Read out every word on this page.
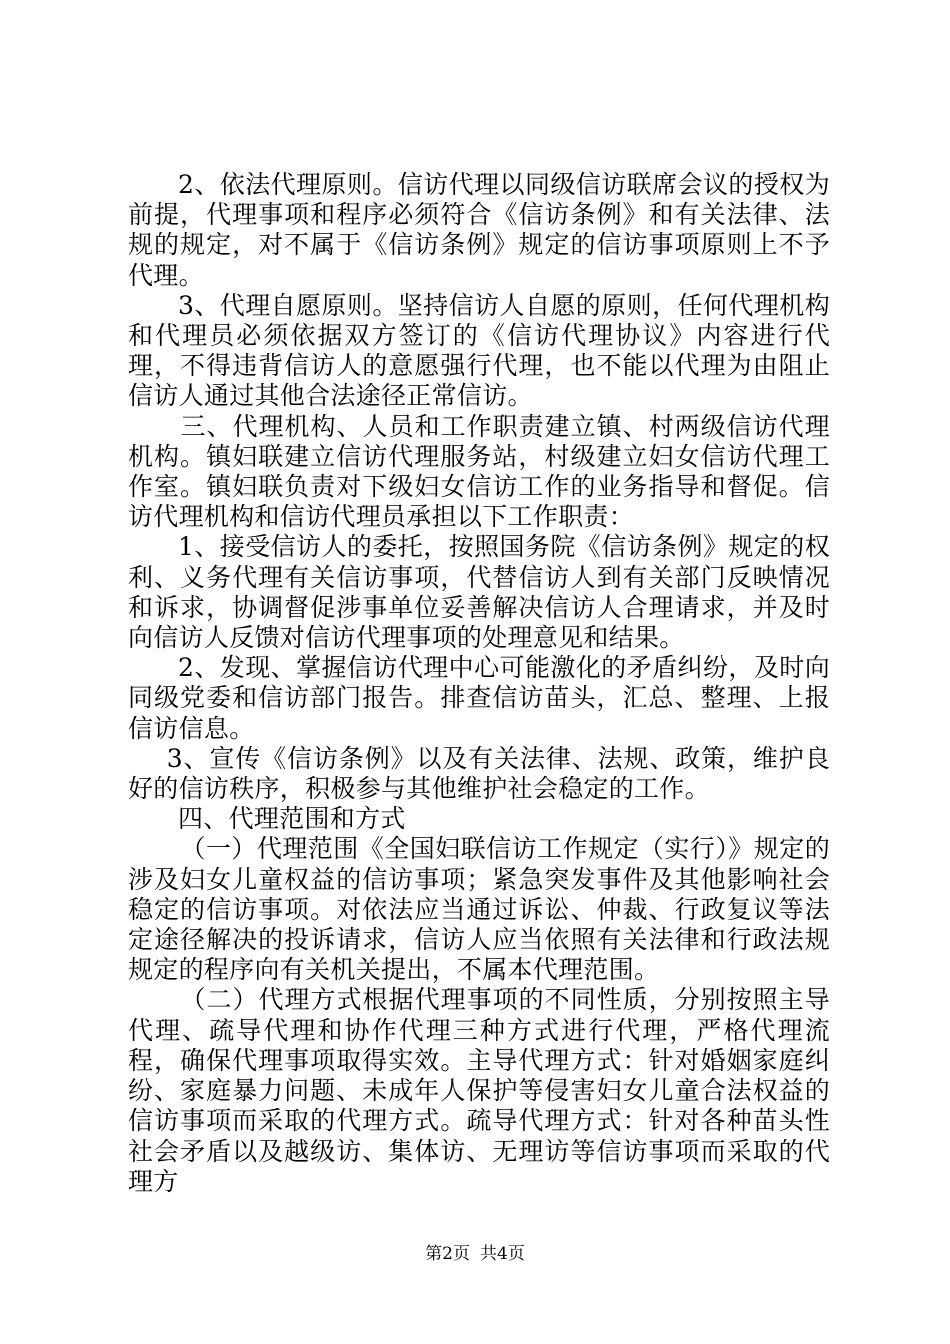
2、依法代理原则。信访代理以同级信访联席会议的授权为前提，代理事项和程序必须符合《信访条例》和有关法律、法规的规定，对不属于《信访条例》规定的信访事项原则上不予代理。

3、代理自愿原则。坚持信访人自愿的原则，任何代理机构和代理员必须依据双方签订的《信访代理协议》内容进行代理，不得违背信访人的意愿强行代理，也不能以代理为由阻止信访人通过其他合法途径正常信访。

三、代理机构、人员和工作职责建立镇、村两级信访代理机构。镇妇联建立信访代理服务站，村级建立妇女信访代理工作室。镇妇联负责对下级妇女信访工作的业务指导和督促。信访代理机构和信访代理员承担以下工作职责：

1、接受信访人的委托，按照国务院《信访条例》规定的权利、义务代理有关信访事项，代替信访人到有关部门反映情况和诉求，协调督促涉事单位妥善解决信访人合理请求，并及时向信访人反馈对信访代理事项的处理意见和结果。

2、发现、掌握信访代理中心可能激化的矛盾纠纷，及时向同级党委和信访部门报告。排查信访苗头，汇总、整理、上报信访信息。

3、宣传《信访条例》以及有关法律、法规、政策，维护良好的信访秩序，积极参与其他维护社会稳定的工作。

四、代理范围和方式

（一）代理范围《全国妇联信访工作规定（实行）》规定的涉及妇女儿童权益的信访事项；紧急突发事件及其他影响社会稳定的信访事项。对依法应当通过诉讼、仲裁、行政复议等法定途径解决的投诉请求，信访人应当依照有关法律和行政法规规定的程序向有关机关提出，不属本代理范围。

（二）代理方式根据代理事项的不同性质，分别按照主导代理、疏导代理和协作代理三种方式进行代理，严格代理流程，确保代理事项取得实效。主导代理方式：针对婚姻家庭纠纷、家庭暴力问题、未成年人保护等侵害妇女儿童合法权益的信访事项而采取的代理方式。疏导代理方式：针对各种苗头性社会矛盾以及越级访、集体访、无理访等信访事项而采取的代理方

第2页 共4页
